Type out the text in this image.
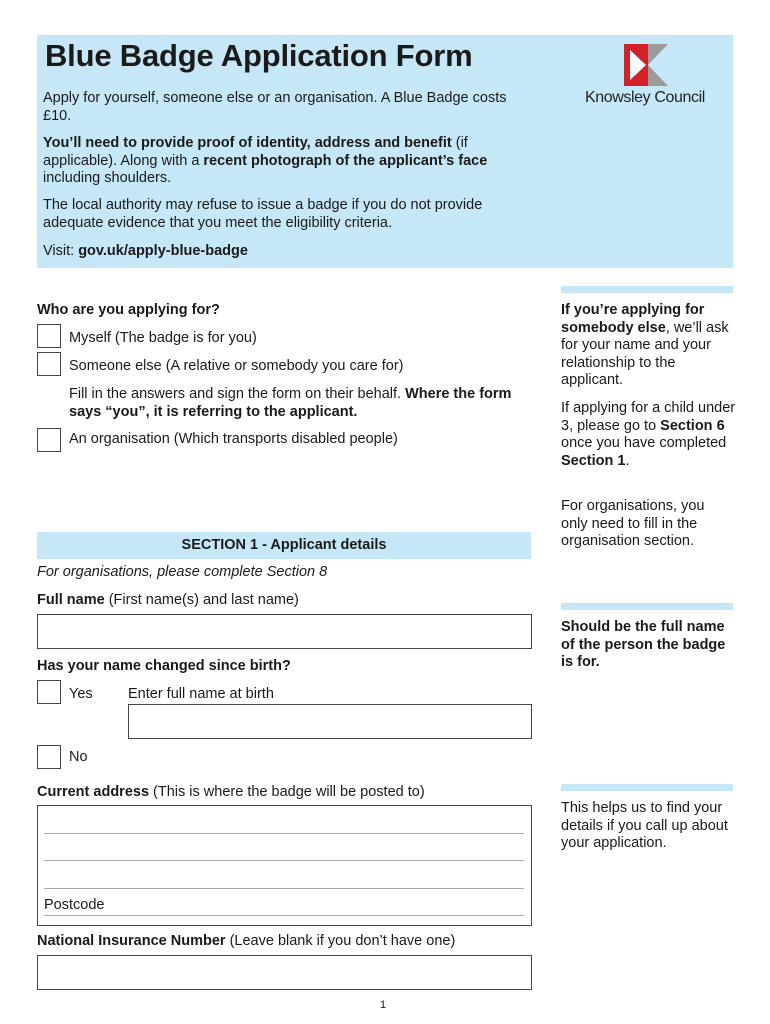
Blue Badge Application Form
Apply for yourself, someone else or an organisation. A Blue Badge costs £10.
You’ll need to provide proof of identity, address and benefit (if applicable). Along with a recent photograph of the applicant’s face including shoulders.
The local authority may refuse to issue a badge if you do not provide adequate evidence that you meet the eligibility criteria.
Visit: gov.uk/apply-blue-badge
Knowsley Council
Who are you applying for?
Myself (The badge is for you)
Someone else (A relative or somebody you care for)
Fill in the answers and sign the form on their behalf. Where the form says “you”, it is referring to the applicant.
An organisation (Which transports disabled people)
If you’re applying for somebody else, we’ll ask for your name and your relationship to the applicant.
If applying for a child under 3, please go to Section 6 once you have completed Section 1.
For organisations, you only need to fill in the organisation section.
Should be the full name of the person the badge is for.
This helps us to find your details if you call up about your application.
SECTION 1 - Applicant details
For organisations, please complete Section 8
Full name (First name(s) and last name)
Has your name changed since birth?
Yes Enter full name at birth
No
Current address (This is where the badge will be posted to)
Postcode
National Insurance Number (Leave blank if you don’t have one)
1
